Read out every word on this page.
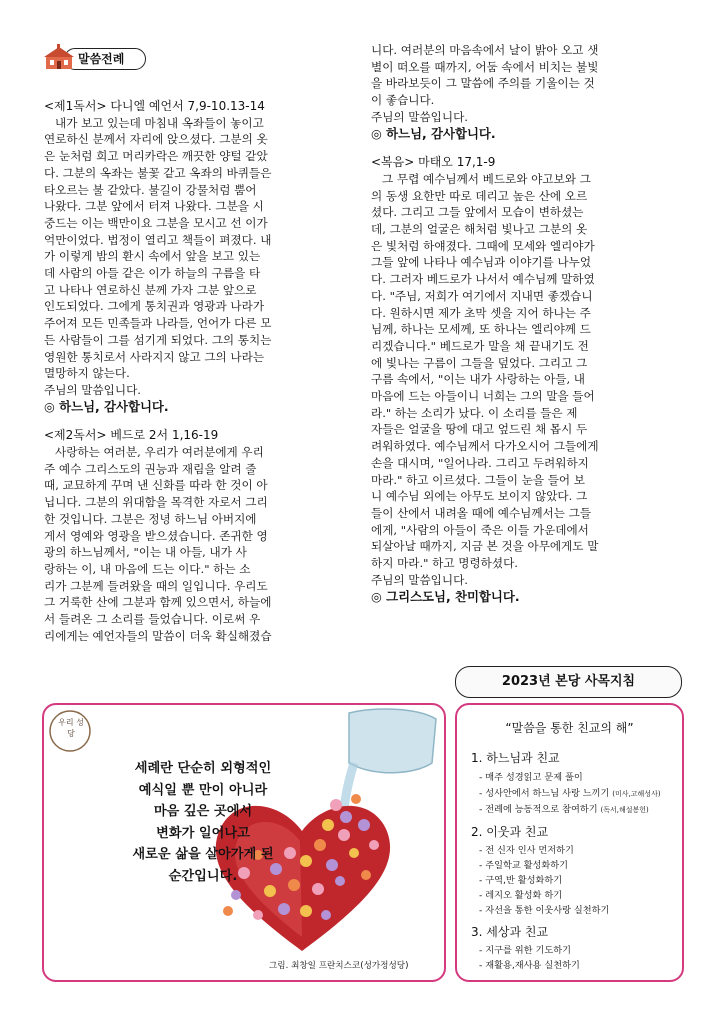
말씀전례

<제1독서> 다니엘 예언서 7,9-10.13-14

내가 보고 있는데 마침내 옥좌들이 놓이고

연로하신 분께서 자리에 앉으셨다. 그분의 옷

은 눈처럼 희고 머리카락은 깨끗한 양털 같았

다. 그분의 옥좌는 불꽃 같고 옥좌의 바퀴들은

타오르는 불 같았다. 불길이 강물처럼 뿜어

나왔다. 그분 앞에서 터져 나왔다. 그분을 시

중드는 이는 백만이요 그분을 모시고 선 이가

억만이었다. 법정이 열리고 책들이 펴졌다. 내

가 이렇게 밤의 환시 속에서 앞을 보고 있는

데 사람의 아들 같은 이가 하늘의 구름을 타

고 나타나 연로하신 분께 가자 그분 앞으로

인도되었다. 그에게 통치권과 영광과 나라가

주어져 모든 민족들과 나라들, 언어가 다른 모

든 사람들이 그를 섬기게 되었다. 그의 통치는

영원한 통치로서 사라지지 않고 그의 나라는

멸망하지 않는다.

주님의 말씀입니다.

◎ 하느님, 감사합니다.

<제2독서> 베드로 2서 1,16-19

사랑하는 여러분, 우리가 여러분에게 우리

주 예수 그리스도의 권능과 재림을 알려 줄

때, 교묘하게 꾸며 낸 신화를 따라 한 것이 아

닙니다. 그분의 위대함을 목격한 자로서 그리

한 것입니다. 그분은 정녕 하느님 아버지에

게서 영예와 영광을 받으셨습니다. 존귀한 영

광의 하느님께서, "이는 내 아들, 내가 사

랑하는 이, 내 마음에 드는 이다." 하는 소

리가 그분께 들려왔을 때의 일입니다. 우리도

그 거룩한 산에 그분과 함께 있으면서, 하늘에

서 들려온 그 소리를 들었습니다. 이로써 우

리에게는 예언자들의 말씀이 더욱 확실해졌습

니다. 여러분의 마음속에서 날이 밝아 오고 샛

별이 떠오를 때까지, 어둠 속에서 비치는 불빛

을 바라보듯이 그 말씀에 주의를 기울이는 것

이 좋습니다.

주님의 말씀입니다.

◎ 하느님, 감사합니다.

<복음> 마태오 17,1-9

그 무렵 예수님께서 베드로와 야고보와 그

의 동생 요한만 따로 데리고 높은 산에 오르

셨다. 그리고 그들 앞에서 모습이 변하셨는

데, 그분의 얼굴은 해처럼 빛나고 그분의 옷

은 빛처럼 하얘졌다. 그때에 모세와 엘리야가

그들 앞에 나타나 예수님과 이야기를 나누었

다. 그러자 베드로가 나서서 예수님께 말하였

다. "주님, 저희가 여기에서 지내면 좋겠습니

다. 원하시면 제가 초막 셋을 지어 하나는 주

님께, 하나는 모세께, 또 하나는 엘리야께 드

리겠습니다." 베드로가 말을 채 끝내기도 전

에 빛나는 구름이 그들을 덮었다. 그리고 그

구름 속에서, "이는 내가 사랑하는 아들, 내

마음에 드는 아들이니 너희는 그의 말을 들어

라." 하는 소리가 났다. 이 소리를 들은 제

자들은 얼굴을 땅에 대고 엎드린 채 몹시 두

려워하였다. 예수님께서 다가오시어 그들에게

손을 대시며, "일어나라. 그리고 두려워하지

마라." 하고 이르셨다. 그들이 눈을 들어 보

니 예수님 외에는 아무도 보이지 않았다. 그

들이 산에서 내려올 때에 예수님께서는 그들

에게, "사람의 아들이 죽은 이들 가운데에서

되살아날 때까지, 지금 본 것을 아무에게도 말

하지 마라." 하고 명령하셨다.

주님의 말씀입니다.

◎ 그리스도님, 찬미합니다.

2023년 본당 사목지침
우리 성당
세례란 단순히 외형적인
예식일 뿐 만이 아니라
마음 깊은 곳에서
변화가 일어나고
새로운 삶을 살아가게 된
순간입니다.
그림. 최창일 프란치스코(성가정성당)
“말씀을 통한 친교의 해”
1. 하느님과 친교
- 매주 성경읽고 문제 풀이
- 성사안에서 하느님 사랑 느끼기 (미사,고해성사)
- 전례에 능동적으로 참여하기 (독서,해설봉헌)
2. 이웃과 친교
- 전 신자 인사 먼저하기
- 주일학교 활성화하기
- 구역,반 활성화하기
- 레지오 활성화 하기
- 자선을 통한 이웃사랑 실천하기
3. 세상과 친교
- 지구를 위한 기도하기
- 재활용,재사용 실천하기
